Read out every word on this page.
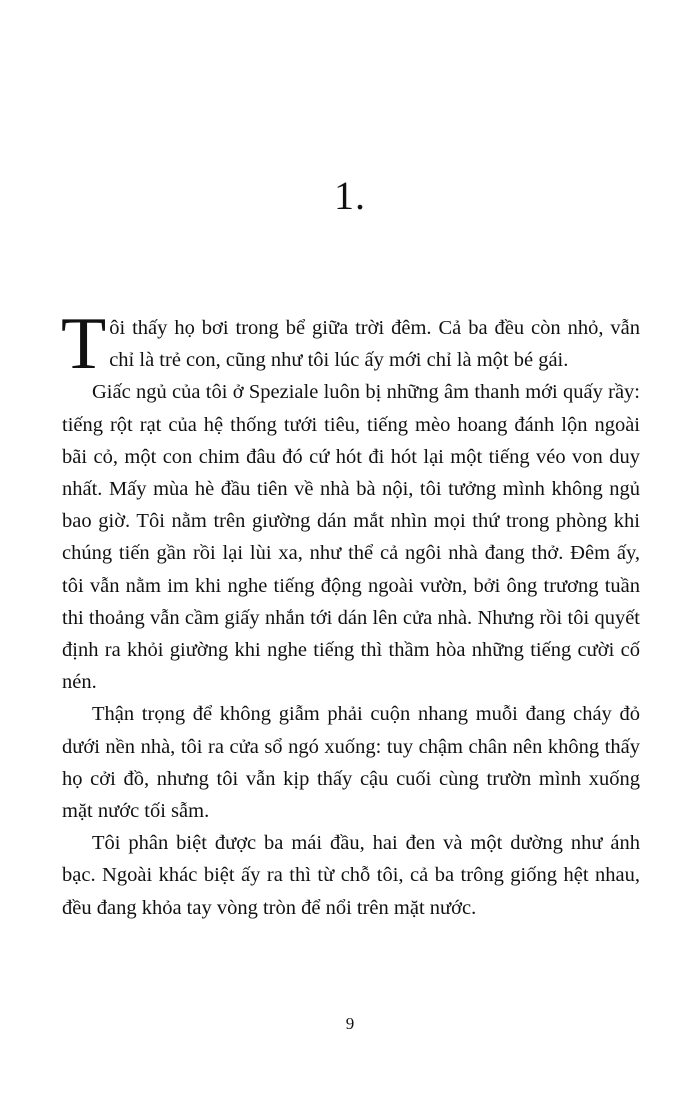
1.

Tôi thấy họ bơi trong bể giữa trời đêm. Cả ba đều còn nhỏ, vẫn chỉ là trẻ con, cũng như tôi lúc ấy mới chỉ là một bé gái.

Giấc ngủ của tôi ở Speziale luôn bị những âm thanh mới quấy rầy: tiếng rột rạt của hệ thống tưới tiêu, tiếng mèo hoang đánh lộn ngoài bãi cỏ, một con chim đâu đó cứ hót đi hót lại một tiếng véo von duy nhất. Mấy mùa hè đầu tiên về nhà bà nội, tôi tưởng mình không ngủ bao giờ. Tôi nằm trên giường dán mắt nhìn mọi thứ trong phòng khi chúng tiến gần rồi lại lùi xa, như thể cả ngôi nhà đang thở. Đêm ấy, tôi vẫn nằm im khi nghe tiếng động ngoài vườn, bởi ông trương tuần thi thoảng vẫn cầm giấy nhắn tới dán lên cửa nhà. Nhưng rồi tôi quyết định ra khỏi giường khi nghe tiếng thì thầm hòa những tiếng cười cố nén.

Thận trọng để không giẫm phải cuộn nhang muỗi đang cháy đỏ dưới nền nhà, tôi ra cửa sổ ngó xuống: tuy chậm chân nên không thấy họ cởi đồ, nhưng tôi vẫn kịp thấy cậu cuối cùng trườn mình xuống mặt nước tối sẫm.

Tôi phân biệt được ba mái đầu, hai đen và một dường như ánh bạc. Ngoài khác biệt ấy ra thì từ chỗ tôi, cả ba trông giống hệt nhau, đều đang khỏa tay vòng tròn để nổi trên mặt nước.

9
